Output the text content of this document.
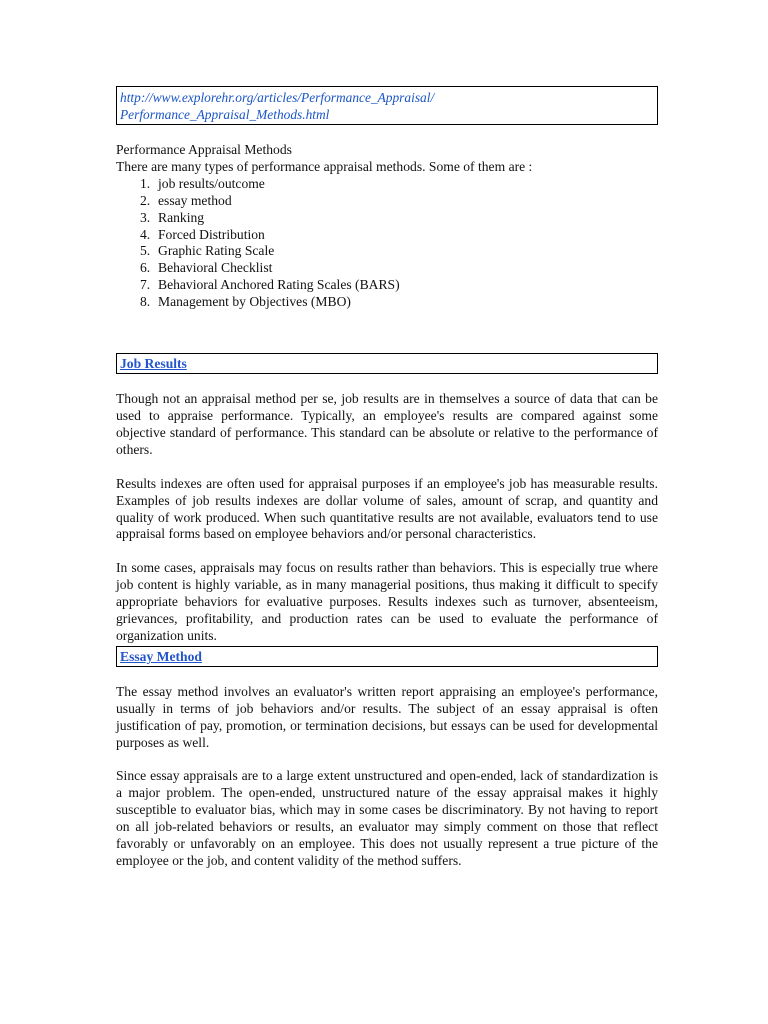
http://www.explorehr.org/articles/Performance_Appraisal/
Performance_Appraisal_Methods.html
Performance Appraisal Methods
There are many types of performance appraisal methods. Some of them are :
1. job results/outcome
2. essay method
3. Ranking
4. Forced Distribution
5. Graphic Rating Scale
6. Behavioral Checklist
7. Behavioral Anchored Rating Scales (BARS)
8. Management by Objectives (MBO)
Job Results

Though not an appraisal method per se, job results are in themselves a source of data that can be used to appraise performance. Typically, an employee's results are compared against some objective standard of performance. This standard can be absolute or relative to the performance of others.

Results indexes are often used for appraisal purposes if an employee's job has measurable results. Examples of job results indexes are dollar volume of sales, amount of scrap, and quantity and quality of work produced. When such quantitative results are not available, evaluators tend to use appraisal forms based on employee behaviors and/or personal characteristics.

In some cases, appraisals may focus on results rather than behaviors. This is especially true where job content is highly variable, as in many managerial positions, thus making it difficult to specify appropriate behaviors for evaluative purposes. Results indexes such as turnover, absenteeism, grievances, profitability, and production rates can be used to evaluate the performance of organization units.

Essay Method

The essay method involves an evaluator's written report appraising an employee's performance, usually in terms of job behaviors and/or results. The subject of an essay appraisal is often justification of pay, promotion, or termination decisions, but essays can be used for developmental purposes as well.

Since essay appraisals are to a large extent unstructured and open-ended, lack of standardization is a major problem. The open-ended, unstructured nature of the essay appraisal makes it highly susceptible to evaluator bias, which may in some cases be discriminatory. By not having to report on all job-related behaviors or results, an evaluator may simply comment on those that reflect favorably or unfavorably on an employee. This does not usually represent a true picture of the employee or the job, and content validity of the method suffers.
